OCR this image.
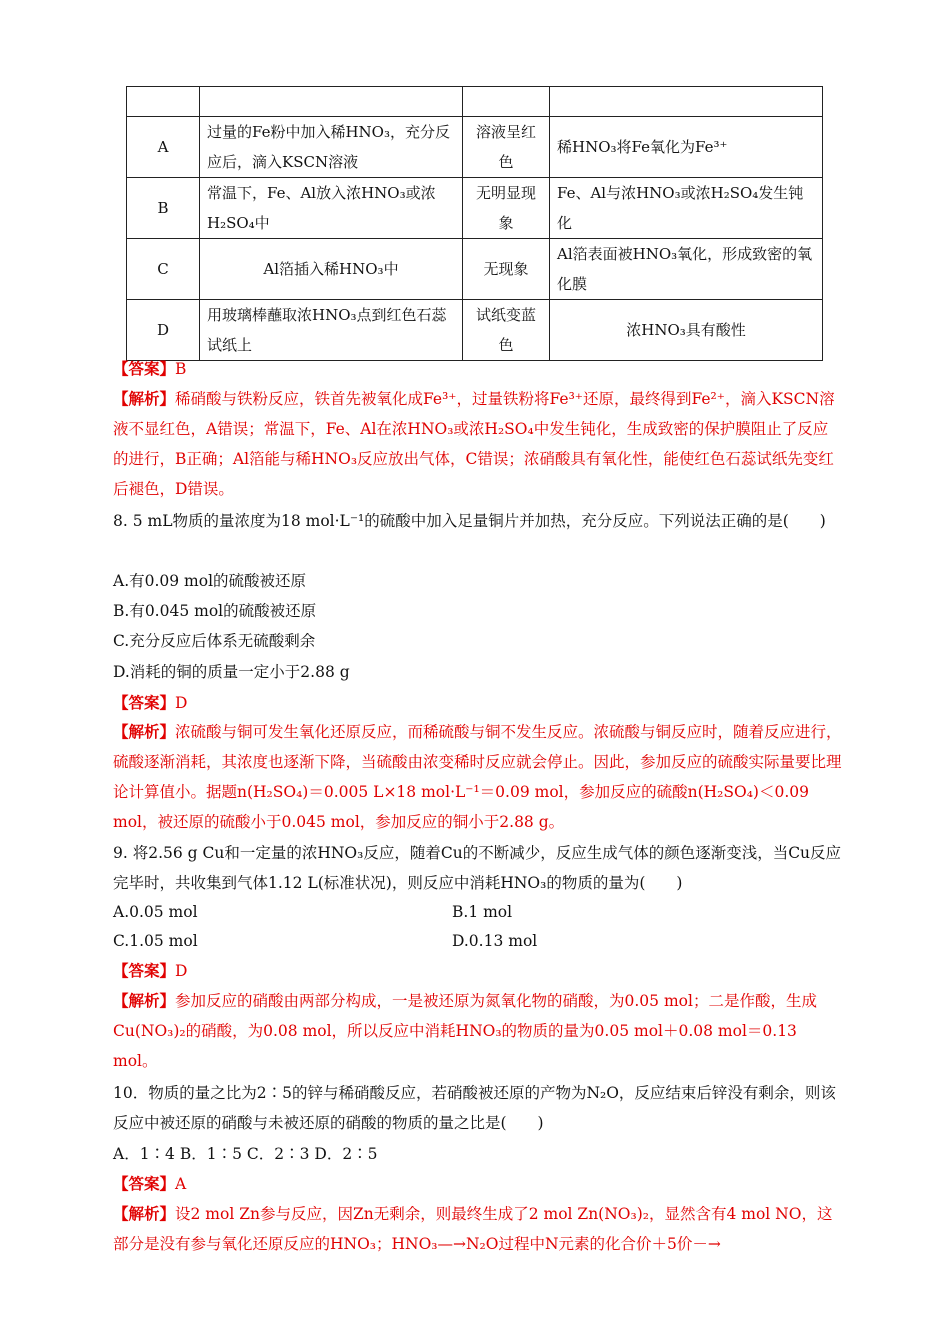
A	过量的Fe粉中加入稀HNO₃，充分反应后，滴入KSCN溶液	溶液呈红色	稀HNO₃将Fe氧化为Fe³⁺
B	常温下，Fe、Al放入浓HNO₃或浓H₂SO₄中	无明显现象	Fe、Al与浓HNO₃或浓H₂SO₄发生钝化
C	Al箔插入稀HNO₃中	无现象	Al箔表面被HNO₃氧化，形成致密的氧化膜
D	用玻璃棒蘸取浓HNO₃点到红色石蕊试纸上	试纸变蓝色	浓HNO₃具有酸性
【答案】B
【解析】稀硝酸与铁粉反应，铁首先被氧化成Fe³⁺，过量铁粉将Fe³⁺还原，最终得到Fe²⁺，滴入KSCN溶液不显红色，A错误；常温下，Fe、Al在浓HNO₃或浓H₂SO₄中发生钝化，生成致密的保护膜阻止了反应的进行，B正确；Al箔能与稀HNO₃反应放出气体，C错误；浓硝酸具有氧化性，能使红色石蕊试纸先变红后褪色，D错误。
8. 5 mL物质的量浓度为18 mol·L⁻¹的硫酸中加入足量铜片并加热，充分反应。下列说法正确的是(　　)
A.有0.09 mol的硫酸被还原
B.有0.045 mol的硫酸被还原
C.充分反应后体系无硫酸剩余
D.消耗的铜的质量一定小于2.88 g
【答案】D
【解析】浓硫酸与铜可发生氧化还原反应，而稀硫酸与铜不发生反应。浓硫酸与铜反应时，随着反应进行，硫酸逐渐消耗，其浓度也逐渐下降，当硫酸由浓变稀时反应就会停止。因此，参加反应的硫酸实际量要比理论计算值小。据题n(H₂SO₄)＝0.005 L×18 mol·L⁻¹＝0.09 mol，参加反应的硫酸n(H₂SO₄)＜0.09 mol，被还原的硫酸小于0.045 mol，参加反应的铜小于2.88 g。
9. 将2.56 g Cu和一定量的浓HNO₃反应，随着Cu的不断减少，反应生成气体的颜色逐渐变浅，当Cu反应完毕时，共收集到气体1.12 L(标准状况)，则反应中消耗HNO₃的物质的量为(　　)
A.0.05 mol	B.1 mol
C.1.05 mol	D.0.13 mol
【答案】D
【解析】参加反应的硝酸由两部分构成，一是被还原为氮氧化物的硝酸，为0.05 mol；二是作酸，生成Cu(NO₃)₂的硝酸，为0.08 mol，所以反应中消耗HNO₃的物质的量为0.05 mol＋0.08 mol＝0.13 mol。
10．物质的量之比为2∶5的锌与稀硝酸反应，若硝酸被还原的产物为N₂O，反应结束后锌没有剩余，则该反应中被还原的硝酸与未被还原的硝酸的物质的量之比是(　　)
A．1∶4 B．1∶5 C．2∶3 D．2∶5
【答案】A
【解析】设2 mol Zn参与反应，因Zn无剩余，则最终生成了2 mol Zn(NO₃)₂，显然含有4 mol NO，这部分是没有参与氧化还原反应的HNO₃；HNO₃—→N₂O过程中N元素的化合价＋5价－→
